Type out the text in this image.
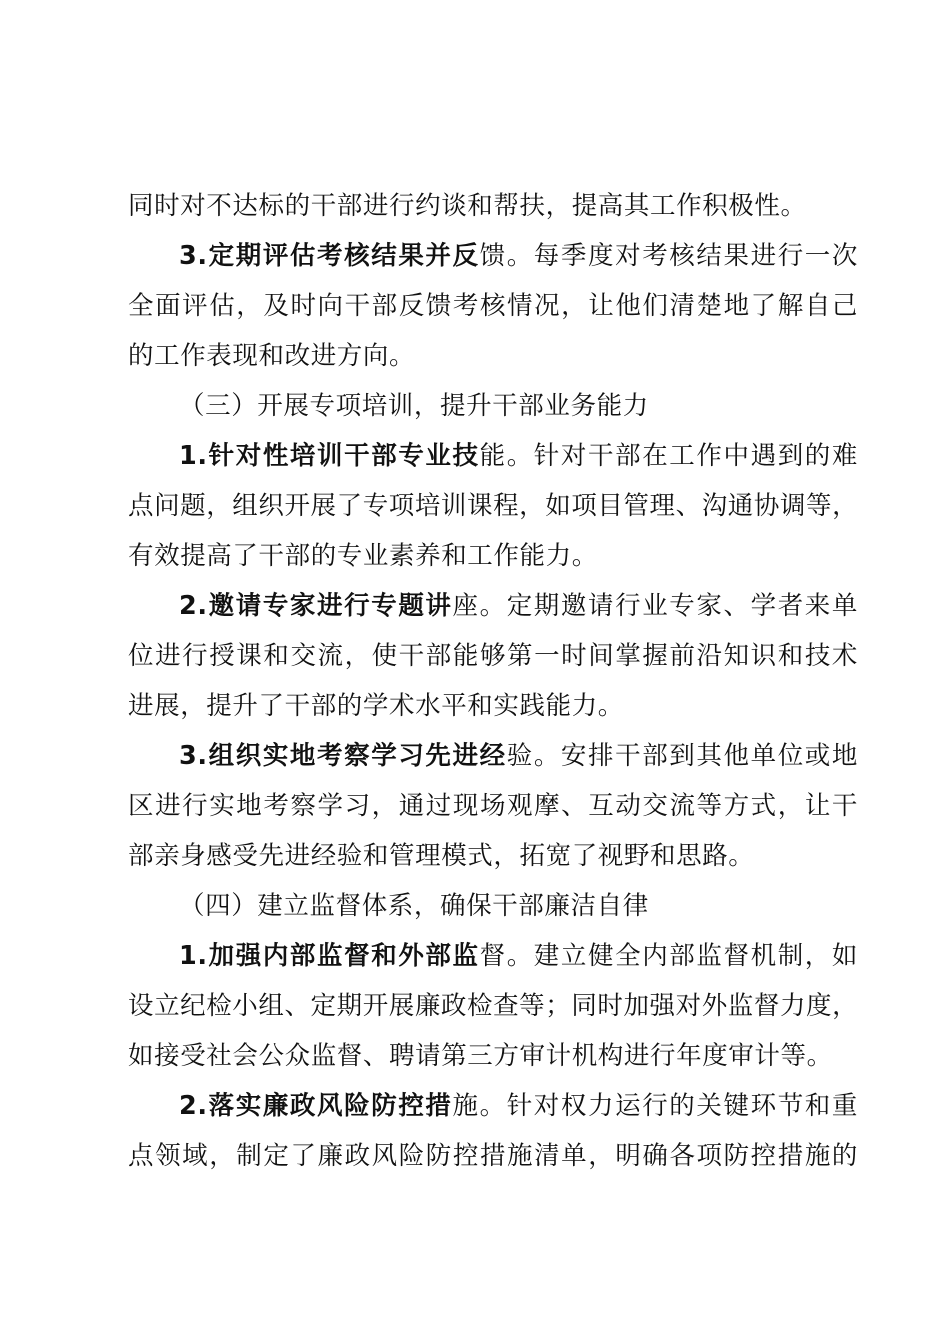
同时对不达标的干部进行约谈和帮扶，提高其工作积极性。
3.定期评估考核结果并反馈。每季度对考核结果进行一次
全面评估，及时向干部反馈考核情况，让他们清楚地了解自己
的工作表现和改进方向。
（三）开展专项培训，提升干部业务能力
1.针对性培训干部专业技能。针对干部在工作中遇到的难
点问题，组织开展了专项培训课程，如项目管理、沟通协调等，
有效提高了干部的专业素养和工作能力。
2.邀请专家进行专题讲座。定期邀请行业专家、学者来单
位进行授课和交流，使干部能够第一时间掌握前沿知识和技术
进展，提升了干部的学术水平和实践能力。
3.组织实地考察学习先进经验。安排干部到其他单位或地
区进行实地考察学习，通过现场观摩、互动交流等方式，让干
部亲身感受先进经验和管理模式，拓宽了视野和思路。
（四）建立监督体系，确保干部廉洁自律
1.加强内部监督和外部监督。建立健全内部监督机制，如
设立纪检小组、定期开展廉政检查等；同时加强对外监督力度，
如接受社会公众监督、聘请第三方审计机构进行年度审计等。
2.落实廉政风险防控措施。针对权力运行的关键环节和重
点领域，制定了廉政风险防控措施清单，明确各项防控措施的
